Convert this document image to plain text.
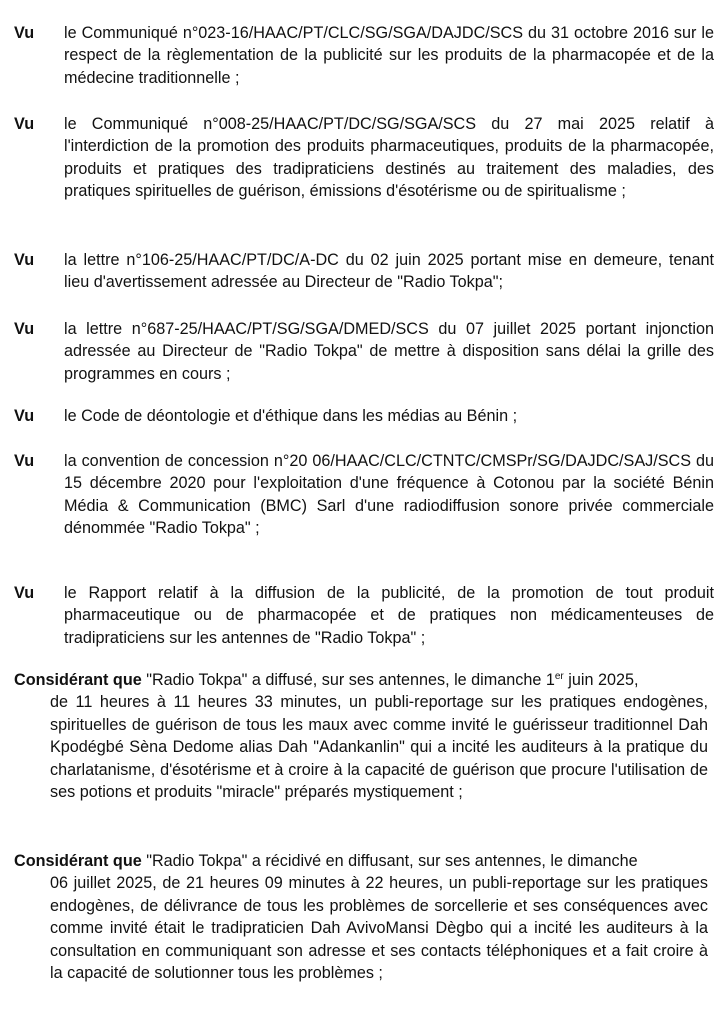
Vu	le Communiqué n°023-16/HAAC/PT/CLC/SG/SGA/DAJDC/SCS du 31 octobre 2016 sur le respect de la règlementation de la publicité sur les produits de la pharmacopée et de la médecine traditionnelle ;
Vu	le Communiqué n°008-25/HAAC/PT/DC/SG/SGA/SCS du 27 mai 2025 relatif à l'interdiction de la promotion des produits pharmaceutiques, produits de la pharmacopée, produits et pratiques des tradipraticiens destinés au traitement des maladies, des pratiques spirituelles de guérison, émissions d'ésotérisme ou de spiritualisme ;
Vu	la lettre n°106-25/HAAC/PT/DC/A-DC du 02 juin 2025 portant mise en demeure, tenant lieu d'avertissement adressée au Directeur de "Radio Tokpa";
Vu	la lettre n°687-25/HAAC/PT/SG/SGA/DMED/SCS du 07 juillet 2025 portant injonction adressée au Directeur de "Radio Tokpa" de mettre à disposition sans délai la grille des programmes en cours ;
Vu	le Code de déontologie et d'éthique dans les médias au Bénin ;
Vu	la convention de concession n°20 06/HAAC/CLC/CTNTC/CMSPr/SG/DAJDC/SAJ/SCS du 15 décembre 2020 pour l'exploitation d'une fréquence à Cotonou par la société Bénin Média & Communication (BMC) Sarl d'une radiodiffusion sonore privée commerciale dénommée "Radio Tokpa" ;
Vu	le Rapport relatif à la diffusion de la publicité, de la promotion de tout produit pharmaceutique ou de pharmacopée et de pratiques non médicamenteuses de tradipraticiens sur les antennes de "Radio Tokpa" ;
Considérant que "Radio Tokpa" a diffusé, sur ses antennes, le dimanche 1er juin 2025,
de 11 heures à 11 heures 33 minutes, un publi-reportage sur les pratiques endogènes, spirituelles de guérison de tous les maux avec comme invité le guérisseur traditionnel Dah Kpodégbé Sèna Dedome alias Dah "Adankanlin" qui a incité les auditeurs à la pratique du charlatanisme, d'ésotérisme et à croire à la capacité de guérison que procure l'utilisation de ses potions et produits "miracle" préparés mystiquement ;
Considérant que "Radio Tokpa" a récidivé en diffusant, sur ses antennes, le dimanche
06 juillet 2025, de 21 heures 09 minutes à 22 heures, un publi-reportage sur les pratiques endogènes, de délivrance de tous les problèmes de sorcellerie et ses conséquences avec comme invité était le tradipraticien Dah AvivoMansi Dègbo qui a incité les auditeurs à la consultation en communiquant son adresse et ses contacts téléphoniques et a fait croire à la capacité de solutionner tous les problèmes ;
